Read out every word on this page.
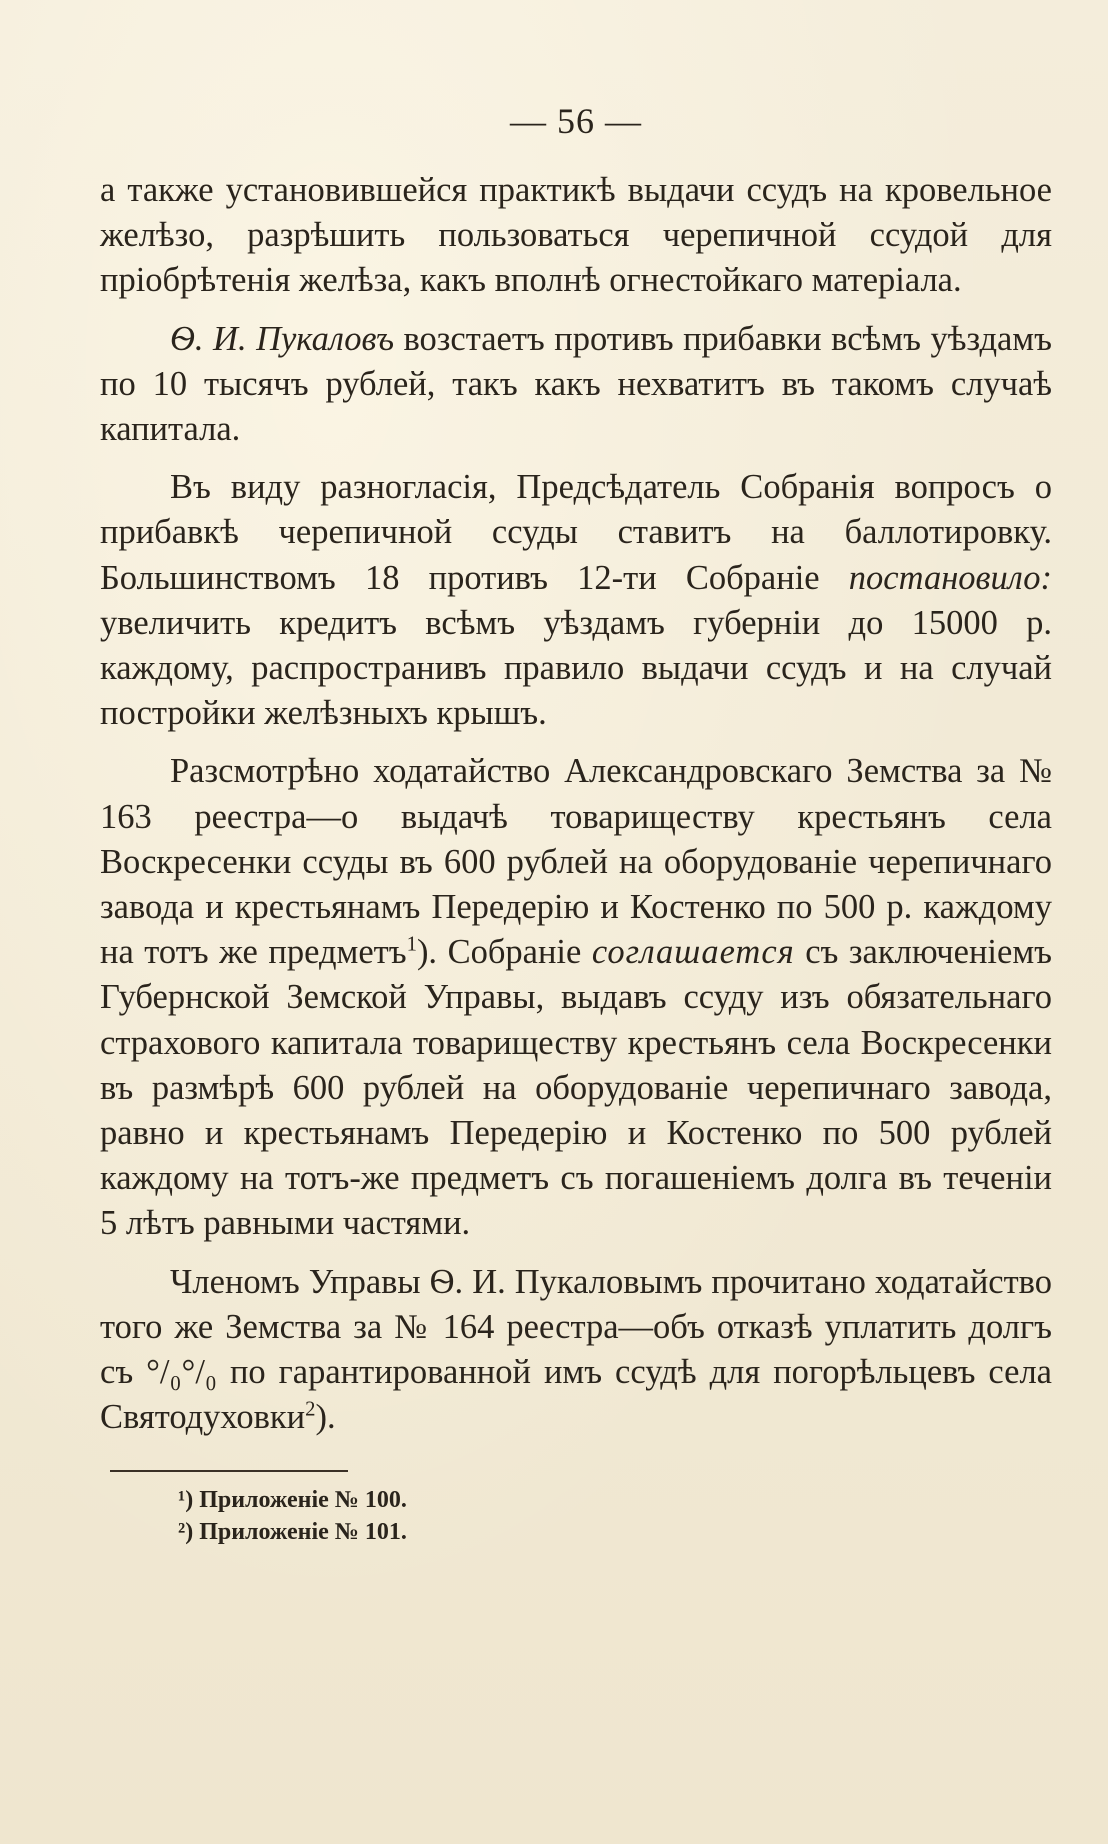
— 56 —

а также установившейся практикѣ выдачи ссудъ на кровельное желѣзо, разрѣшить пользоваться черепичной ссудой для пріобрѣтенія желѣза, какъ вполнѣ огнестойкаго матеріала.

Ѳ. И. Пукаловъ возстаетъ противъ прибавки всѣмъ уѣздамъ по 10 тысячъ рублей, такъ какъ нехватитъ въ такомъ случаѣ капитала.

Въ виду разногласія, Предсѣдатель Собранія вопросъ о прибавкѣ черепичной ссуды ставитъ на баллотировку. Большинствомъ 18 противъ 12-ти Собраніе постановило: увеличить кредитъ всѣмъ уѣздамъ губерніи до 15000 р. каждому, распространивъ правило выдачи ссудъ и на случай постройки желѣзныхъ крышъ.

Разсмотрѣно ходатайство Александровскаго Земства за № 163 реестра—о выдачѣ товариществу крестьянъ села Воскресенки ссуды въ 600 рублей на оборудованіе черепичнаго завода и крестьянамъ Передерію и Костенко по 500 р. каждому на тотъ же предметъ$^1$). Собраніе соглашается съ заключеніемъ Губернской Земской Управы, выдавъ ссуду изъ обязательнаго страхового капитала товариществу крестьянъ села Воскресенки въ размѣрѣ 600 рублей на оборудованіе черепичнаго завода, равно и крестьянамъ Передерію и Костенко по 500 рублей каждому на тотъ-же предметъ съ погашеніемъ долга въ теченіи 5 лѣтъ равными частями.

Членомъ Управы Ѳ. И. Пукаловымъ прочитано ходатайство того же Земства за № 164 реестра—объ отказѣ уплатить долгъ съ °/₀°/₀ по гарантированной имъ ссудѣ для погорѣльцевъ села Святодуховки$^2$).

¹) Приложеніе № 100.
²) Приложеніе № 101.
